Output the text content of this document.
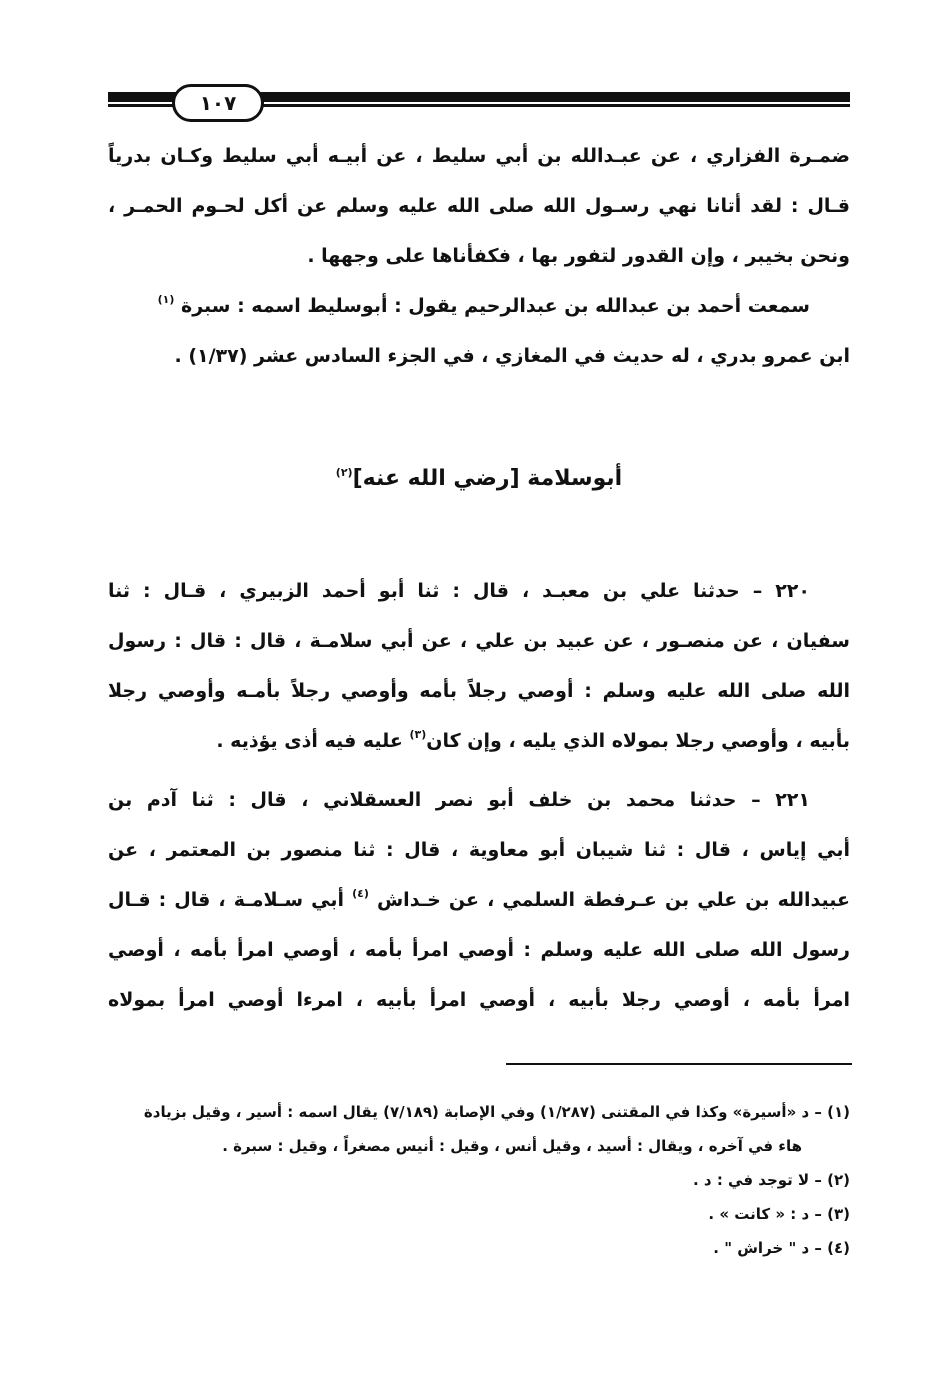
١٠٧
ضمـرة الفزاري ، عن عبـدالله بن أبي سليط ، عن أبيـه أبي سليط وكـان بدرياً
قـال : لقد أتانا نهي رسـول الله صلى الله عليه وسلم عن أكل لحـوم الحمـر ،
ونحن بخيبر ، وإن القدور لتفور بها ، فكفأناها على وجهها .
سمعت أحمد بن عبدالله بن عبدالرحيم يقول : أبوسليط اسمه : سبرة $^{(١)}$
ابن عمرو بدري ، له حديث في المغازي ، في الجزء السادس عشر (١/٣٧) .
أبوسلامة [رضي الله عنه]$^{(٢)}$
٢٢٠ – حدثنا علي بن معبـد ، قال : ثنا أبو أحمد الزبيري ، قـال : ثنا
سفيان ، عن منصـور ، عن عبيد بن علي ، عن أبي سلامـة ، قال : قال : رسول
الله صلى الله عليه وسلم : أوصي رجلاً بأمه وأوصي رجلاً بأمـه وأوصي رجلا
بأبيه ، وأوصي رجلا بمولاه الذي يليه ، وإن كان$^{(٣)}$ عليه فيه أذى يؤذيه .
٢٢١ – حدثنا محمد بن خلف أبو نصر العسقلاني ، قال : ثنا آدم بن
أبي إياس ، قال : ثنا شيبان أبو معاوية ، قال : ثنا منصور بن المعتمر ، عن
عبيدالله بن علي بن عـرفطة السلمي ، عن خـداش $^{(٤)}$ أبي سـلامـة ، قال : قـال
رسول الله صلى الله عليه وسلم : أوصي امرأ بأمه ، أوصي امرأ بأمه ، أوصي
امرأ بأمه ، أوصي رجلا بأبيه ، أوصي امرأ بأبيه ، امرءا أوصي امرأ بمولاه
(١) – د «أسيرة» وكذا في المقتنى (١/٢٨٧) وفي الإصابة (٧/١٨٩) يقال اسمه : أسير ، وقيل بزيادة
هاء في آخره ، ويقال : أسيد ، وقيل أنس ، وقيل : أنيس مصغراً ، وقيل : سبرة .
(٢) – لا توجد في : د .
(٣) – د : « كانت » .
(٤) – د " خراش " .
